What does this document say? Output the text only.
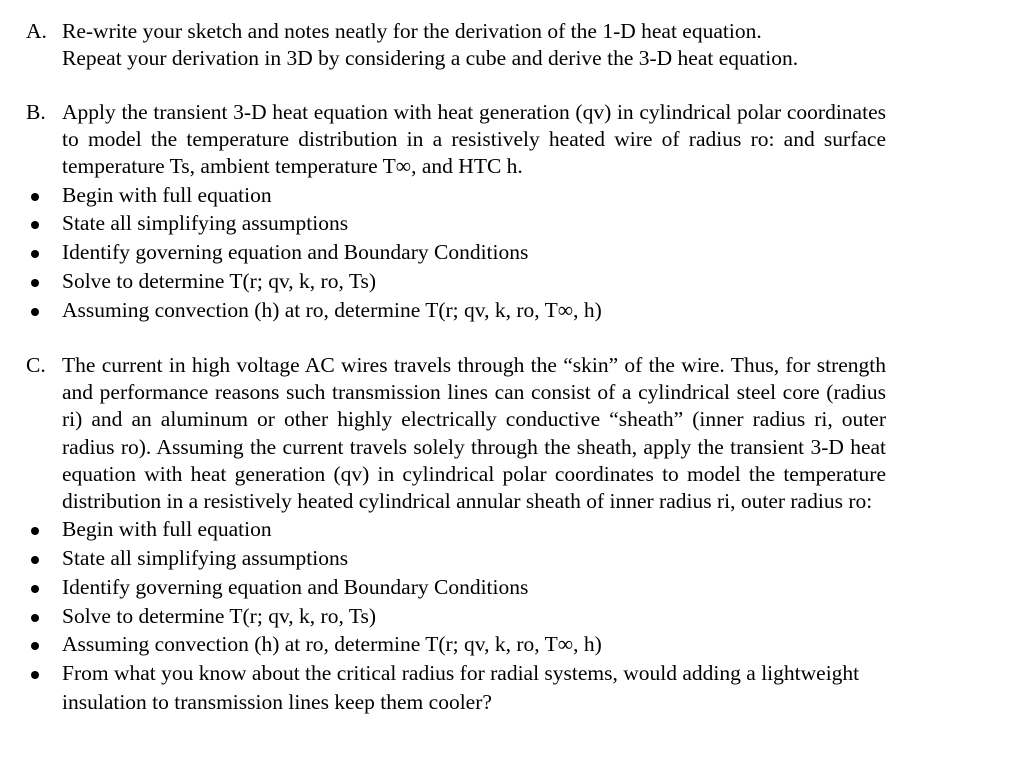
A. Re-write your sketch and notes neatly for the derivation of the 1-D heat equation.
Repeat your derivation in 3D by considering a cube and derive the 3-D heat equation.
B. Apply the transient 3-D heat equation with heat generation (qv) in cylindrical polar coordinates to model the temperature distribution in a resistively heated wire of radius ro: and surface temperature Ts, ambient temperature T∞, and HTC h.
Begin with full equation
State all simplifying assumptions
Identify governing equation and Boundary Conditions
Solve to determine T(r; qv, k, ro, Ts)
Assuming convection (h) at ro, determine T(r; qv, k, ro, T∞, h)
C. The current in high voltage AC wires travels through the “skin” of the wire. Thus, for strength and performance reasons such transmission lines can consist of a cylindrical steel core (radius ri) and an aluminum or other highly electrically conductive “sheath” (inner radius ri, outer radius ro). Assuming the current travels solely through the sheath, apply the transient 3-D heat equation with heat generation (qv) in cylindrical polar coordinates to model the temperature distribution in a resistively heated cylindrical annular sheath of inner radius ri, outer radius ro:
Begin with full equation
State all simplifying assumptions
Identify governing equation and Boundary Conditions
Solve to determine T(r; qv, k, ro, Ts)
Assuming convection (h) at ro, determine T(r; qv, k, ro, T∞, h)
From what you know about the critical radius for radial systems, would adding a lightweight insulation to transmission lines keep them cooler?
